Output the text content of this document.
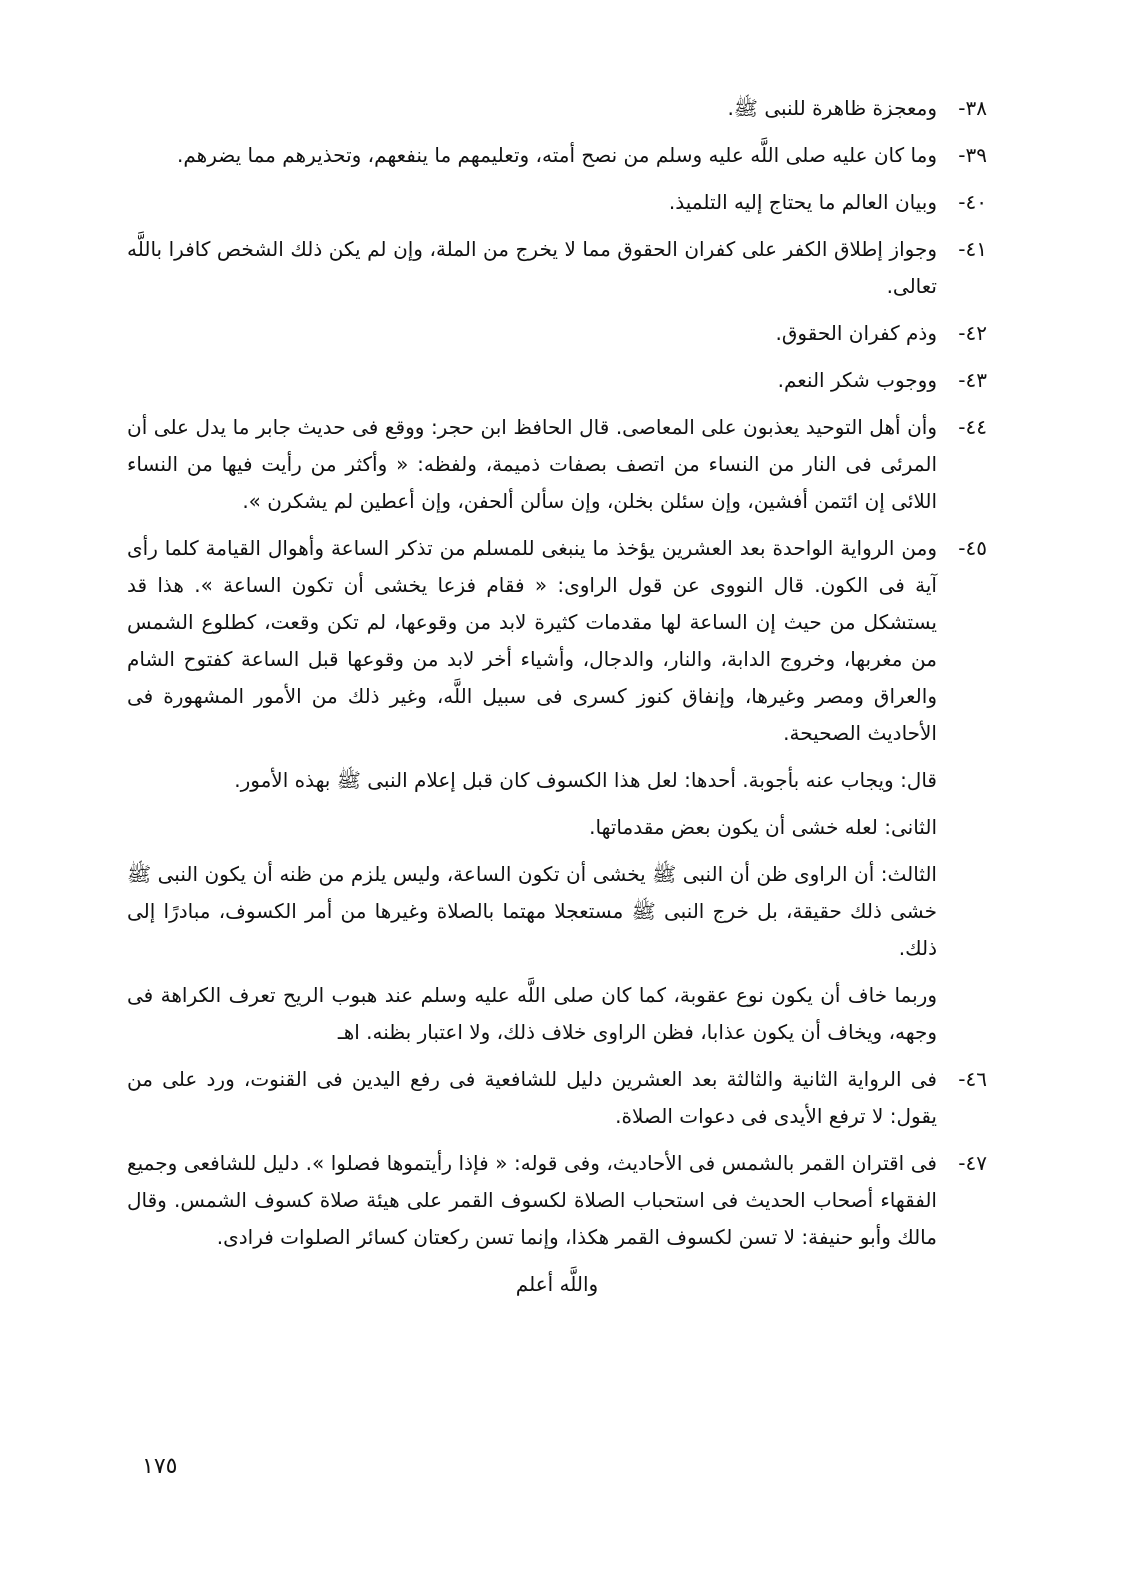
٣٨-
ومعجزة ظاهرة للنبى ﷺ.
٣٩-
وما كان عليه صلى اللَّه عليه وسلم من نصح أمته، وتعليمهم ما ينفعهم، وتحذيرهم مما يضرهم.
٤٠-
وبيان العالم ما يحتاج إليه التلميذ.
٤١-
وجواز إطلاق الكفر على كفران الحقوق مما لا يخرج من الملة، وإن لم يكن ذلك الشخص كافرا باللَّه تعالى.
٤٢-
وذم كفران الحقوق.
٤٣-
ووجوب شكر النعم.
٤٤-
وأن أهل التوحيد يعذبون على المعاصى. قال الحافظ ابن حجر: ووقع فى حديث جابر ما يدل على أن المرئى فى النار من النساء من اتصف بصفات ذميمة، ولفظه: « وأكثر من رأيت فيها من النساء اللائى إن ائتمن أفشين، وإن سئلن بخلن، وإن سألن ألحفن، وإن أعطين لم يشكرن ».
٤٥-
ومن الرواية الواحدة بعد العشرين يؤخذ ما ينبغى للمسلم من تذكر الساعة وأهوال القيامة كلما رأى آية فى الكون. قال النووى عن قول الراوى: « فقام فزعا يخشى أن تكون الساعة ». هذا قد يستشكل من حيث إن الساعة لها مقدمات كثيرة لابد من وقوعها، لم تكن وقعت، كطلوع الشمس من مغربها، وخروج الدابة، والنار، والدجال، وأشياء أخر لابد من وقوعها قبل الساعة كفتوح الشام والعراق ومصر وغيرها، وإنفاق كنوز كسرى فى سبيل اللَّه، وغير ذلك من الأمور المشهورة فى الأحاديث الصحيحة.
قال: ويجاب عنه بأجوبة. أحدها: لعل هذا الكسوف كان قبل إعلام النبى ﷺ بهذه الأمور.
الثانى: لعله خشى أن يكون بعض مقدماتها.
الثالث: أن الراوى ظن أن النبى ﷺ يخشى أن تكون الساعة، وليس يلزم من ظنه أن يكون النبى ﷺ خشى ذلك حقيقة، بل خرج النبى ﷺ مستعجلا مهتما بالصلاة وغيرها من أمر الكسوف، مبادرًا إلى ذلك.
وربما خاف أن يكون نوع عقوبة، كما كان صلى اللَّه عليه وسلم عند هبوب الريح تعرف الكراهة فى وجهه، ويخاف أن يكون عذابا، فظن الراوى خلاف ذلك، ولا اعتبار بظنه. اهـ
٤٦-
فى الرواية الثانية والثالثة بعد العشرين دليل للشافعية فى رفع اليدين فى القنوت، ورد على من يقول: لا ترفع الأيدى فى دعوات الصلاة.
٤٧-
فى اقتران القمر بالشمس فى الأحاديث، وفى قوله: « فإذا رأيتموها فصلوا ». دليل للشافعى وجميع الفقهاء أصحاب الحديث فى استحباب الصلاة لكسوف القمر على هيئة صلاة كسوف الشمس. وقال مالك وأبو حنيفة: لا تسن لكسوف القمر هكذا، وإنما تسن ركعتان كسائر الصلوات فرادى.
واللَّه أعلم
١٧٥
